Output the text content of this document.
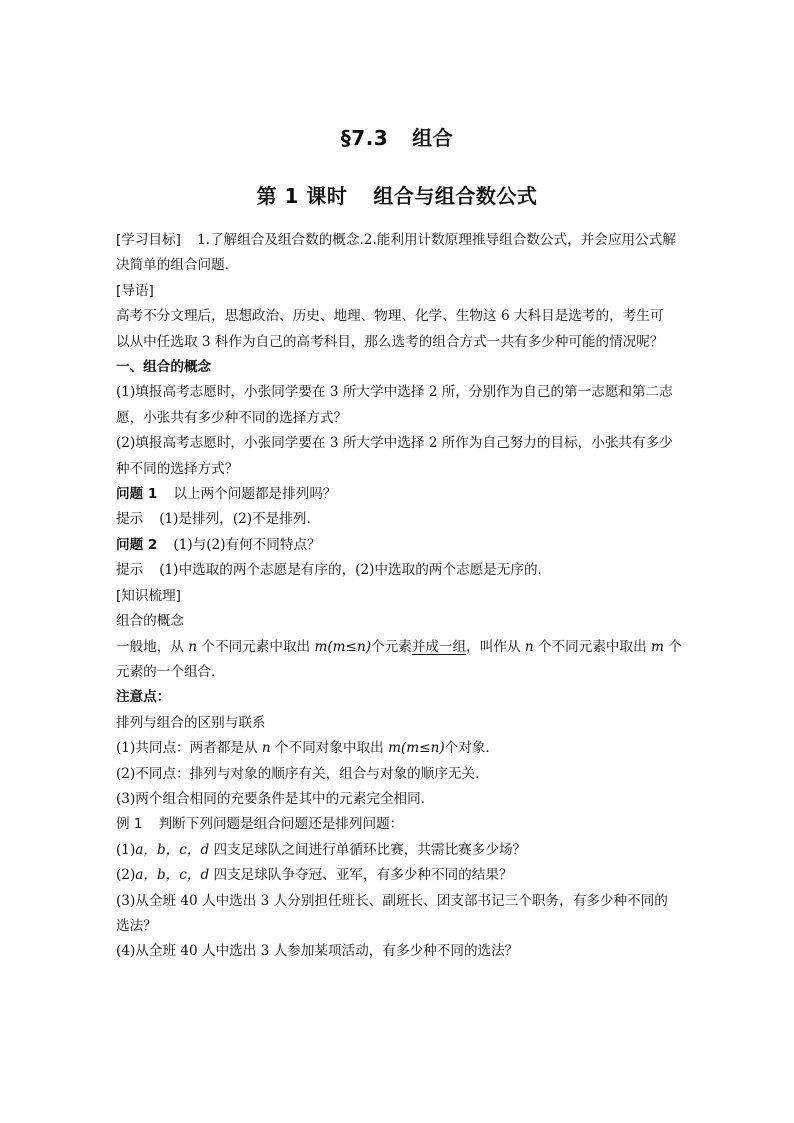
§7.3 组合
第 1 课时 组合与组合数公式

[学习目标] 1.了解组合及组合数的概念.2.能利用计数原理推导组合数公式，并会应用公式解

决简单的组合问题．

[导语]

高考不分文理后，思想政治、历史、地理、物理、化学、生物这 6 大科目是选考的，考生可

以从中任选取 3 科作为自己的高考科目，那么选考的组合方式一共有多少种可能的情况呢？

一、组合的概念

(1)填报高考志愿时，小张同学要在 3 所大学中选择 2 所，分别作为自己的第一志愿和第二志

愿，小张共有多少种不同的选择方式？

(2)填报高考志愿时，小张同学要在 3 所大学中选择 2 所作为自己努力的目标，小张共有多少

种不同的选择方式？

问题 1 以上两个问题都是排列吗？

提示 (1)是排列，(2)不是排列．

问题 2 (1)与(2)有何不同特点？

提示 (1)中选取的两个志愿是有序的，(2)中选取的两个志愿是无序的．

[知识梳理]

组合的概念

一般地，从 n 个不同元素中取出 m(m≤n)个元素并成一组，叫作从 n 个不同元素中取出 m 个

元素的一个组合．

注意点：

排列与组合的区别与联系

(1)共同点：两者都是从 n 个不同对象中取出 m(m≤n)个对象．

(2)不同点：排列与对象的顺序有关，组合与对象的顺序无关．

(3)两个组合相同的充要条件是其中的元素完全相同．

例 1 判断下列问题是组合问题还是排列问题：

(1)a，b，c，d 四支足球队之间进行单循环比赛，共需比赛多少场？

(2)a，b，c，d 四支足球队争夺冠、亚军，有多少种不同的结果？

(3)从全班 40 人中选出 3 人分别担任班长、副班长、团支部书记三个职务，有多少种不同的

选法？

(4)从全班 40 人中选出 3 人参加某项活动，有多少种不同的选法？
